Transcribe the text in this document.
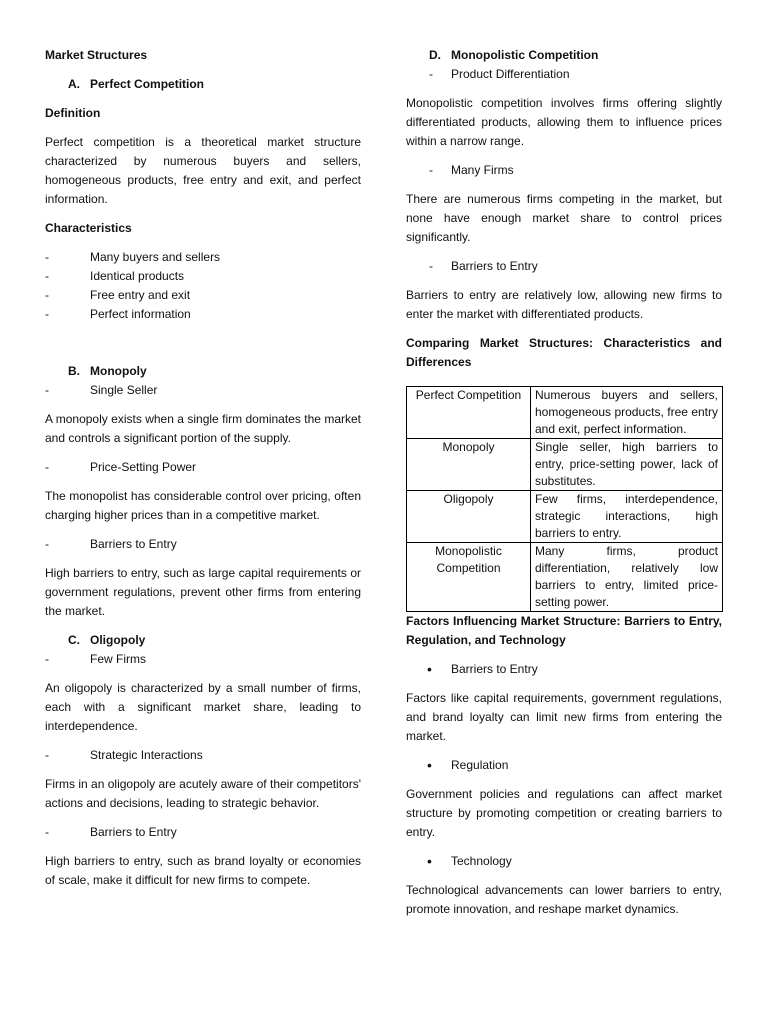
Market Structures
A. Perfect Competition
Definition
Perfect competition is a theoretical market structure characterized by numerous buyers and sellers, homogeneous products, free entry and exit, and perfect information.
Characteristics
-	Many buyers and sellers
-	Identical products
-	Free entry and exit
-	Perfect information
B. Monopoly
-	Single Seller
A monopoly exists when a single firm dominates the market and controls a significant portion of the supply.
-	Price-Setting Power
The monopolist has considerable control over pricing, often charging higher prices than in a competitive market.
-	Barriers to Entry
High barriers to entry, such as large capital requirements or government regulations, prevent other firms from entering the market.
C. Oligopoly
-	Few Firms
An oligopoly is characterized by a small number of firms, each with a significant market share, leading to interdependence.
-	Strategic Interactions
Firms in an oligopoly are acutely aware of their competitors' actions and decisions, leading to strategic behavior.
-	Barriers to Entry
High barriers to entry, such as brand loyalty or economies of scale, make it difficult for new firms to compete.
D. Monopolistic Competition
- Product Differentiation
Monopolistic competition involves firms offering slightly differentiated products, allowing them to influence prices within a narrow range.
- Many Firms
There are numerous firms competing in the market, but none have enough market share to control prices significantly.
- Barriers to Entry
Barriers to entry are relatively low, allowing new firms to enter the market with differentiated products.
Comparing Market Structures: Characteristics and Differences
Perfect Competition	Numerous buyers and sellers, homogeneous products, free entry and exit, perfect information.
Monopoly	Single seller, high barriers to entry, price-setting power, lack of substitutes.
Oligopoly	Few firms, interdependence, strategic interactions, high barriers to entry.
Monopolistic Competition	Many firms, product differentiation, relatively low barriers to entry, limited price-setting power.
Factors Influencing Market Structure: Barriers to Entry, Regulation, and Technology
• Barriers to Entry
Factors like capital requirements, government regulations, and brand loyalty can limit new firms from entering the market.
• Regulation
Government policies and regulations can affect market structure by promoting competition or creating barriers to entry.
• Technology
Technological advancements can lower barriers to entry, promote innovation, and reshape market dynamics.
